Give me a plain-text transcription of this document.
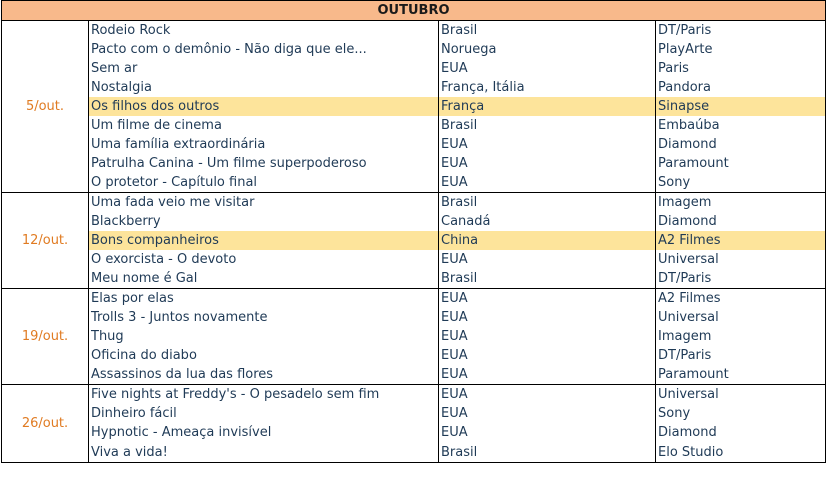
OUTUBRO			
5/out.	Rodeio Rock	Brasil	DT/Paris
	Pacto com o demônio - Não diga que ele...	Noruega	PlayArte
	Sem ar	EUA	Paris
	Nostalgia	França, Itália	Pandora
	Os filhos dos outros	França	Sinapse
	Um filme de cinema	Brasil	Embaúba
	Uma família extraordinária	EUA	Diamond
	Patrulha Canina - Um filme superpoderoso	EUA	Paramount
	O protetor - Capítulo final	EUA	Sony
12/out.	Uma fada veio me visitar	Brasil	Imagem
	Blackberry	Canadá	Diamond
	Bons companheiros	China	A2 Filmes
	O exorcista - O devoto	EUA	Universal
	Meu nome é Gal	Brasil	DT/Paris
19/out.	Elas por elas	EUA	A2 Filmes
	Trolls 3 - Juntos novamente	EUA	Universal
	Thug	EUA	Imagem
	Oficina do diabo	EUA	DT/Paris
	Assassinos da lua das flores	EUA	Paramount
26/out.	Five nights at Freddy's - O pesadelo sem fim	EUA	Universal
	Dinheiro fácil	EUA	Sony
	Hypnotic - Ameaça invisível	EUA	Diamond
	Viva a vida!	Brasil	Elo Studio
